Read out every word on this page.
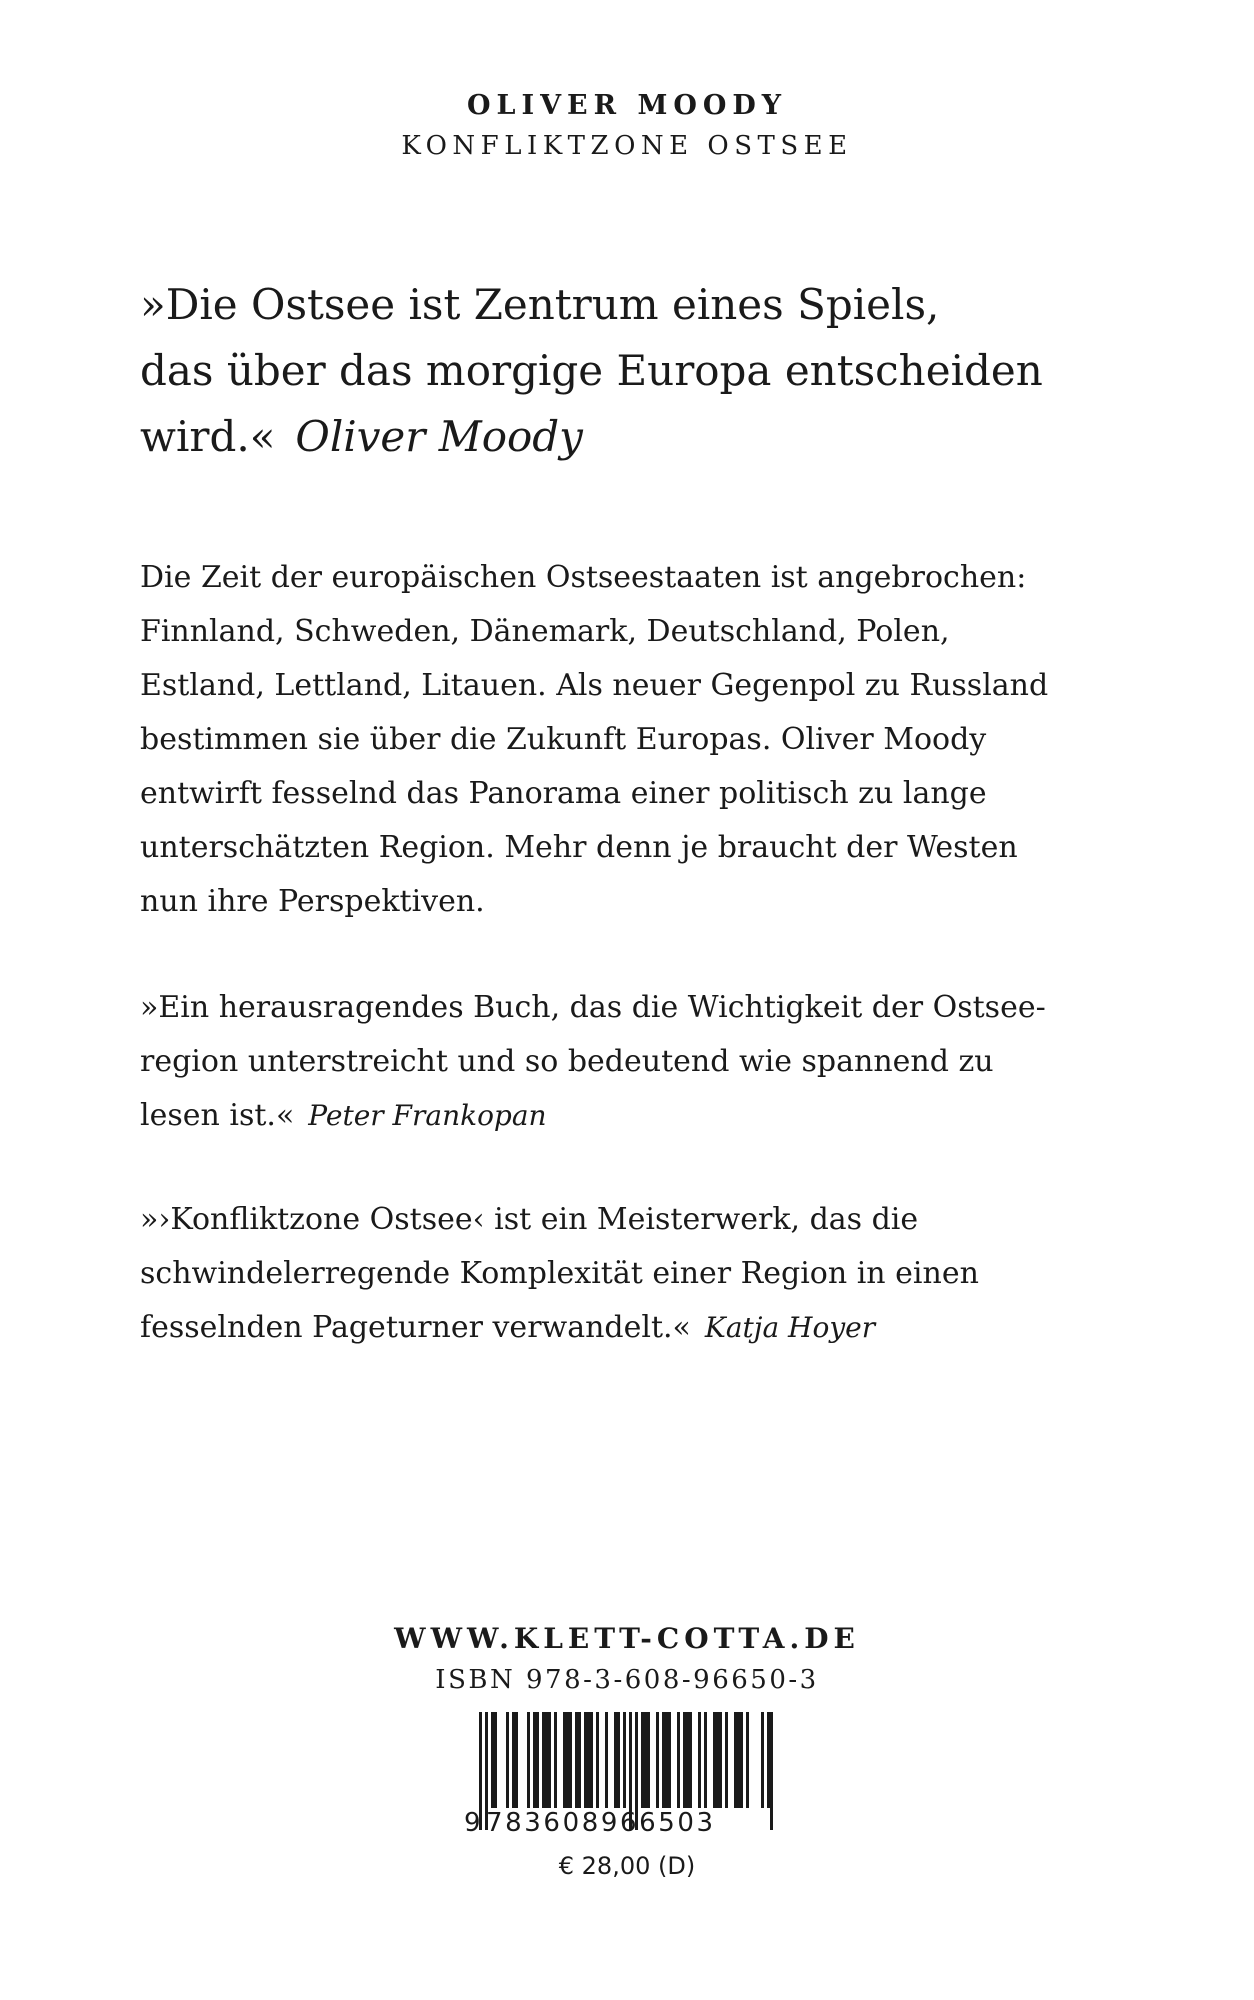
OLIVER MOODY
KONFLIKTZONE OSTSEE
»Die Ostsee ist Zentrum eines Spiels,
das über das morgige Europa entscheiden
wird.« Oliver Moody
Die Zeit der europäischen Ostseestaaten ist angebrochen:
Finnland, Schweden, Dänemark, Deutschland, Polen,
Estland, Lettland, Litauen. Als neuer Gegenpol zu Russland
bestimmen sie über die Zukunft Europas. Oliver Moody
entwirft fesselnd das Panorama einer politisch zu lange
unterschätzten Region. Mehr denn je braucht der Westen
nun ihre Perspektiven.
»Ein herausragendes Buch, das die Wichtigkeit der Ostsee-
region unterstreicht und so bedeutend wie spannend zu
lesen ist.« Peter Frankopan
»›Konfliktzone Ostsee‹ ist ein Meisterwerk, das die
schwindelerregende Komplexität einer Region in einen
fesselnden Pageturner verwandelt.« Katja Hoyer
WWW.KLETT-COTTA.DE
ISBN 978-3-608-96650-3
9 783608966503
€ 28,00 (D)
